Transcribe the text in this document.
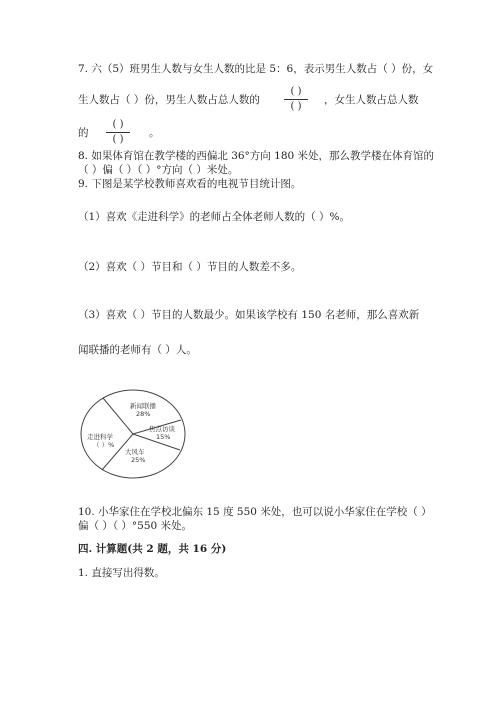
7. 六（5）班男生人数与女生人数的比是 5：6，表示男生人数占（ ）份，女
生人数占（ ）份，男生人数占总人数的
( )
( )
，女生人数占总人数
的
( )
( )
。
8. 如果体育馆在教学楼的西偏北 36°方向 180 米处，那么教学楼在体育馆的
（ ）偏（ ）（ ）°方向（ ）米处。
9. 下图是某学校教师喜欢看的电视节目统计图。
（1）喜欢《走进科学》的老师占全体老师人数的（ ）%。
（2）喜欢（ ）节目和（ ）节目的人数差不多。
（3）喜欢（ ）节目的人数最少。如果该学校有 150 名老师，那么喜欢新
闻联播的老师有（ ）人。
新闻联播
28%
焦点访谈
15%
大风车
25%
走进科学
（ ）%
10. 小华家住在学校北偏东 15 度 550 米处，也可以说小华家住在学校（ ）
偏（ ）（ ）°550 米处。
四. 计算题(共 2 题，共 16 分)
1. 直接写出得数。
